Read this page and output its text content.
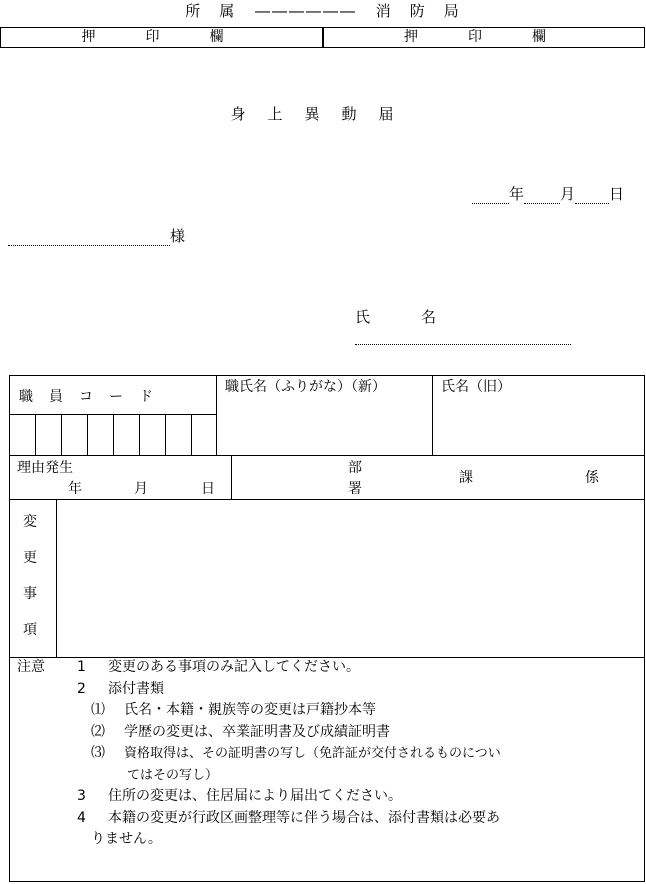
所　属 ―――――― 消　防　局
押　印　欄	押　印　欄
身上異動届
年 月 日
様
氏　名
職　員　コ　ー　ド
職氏名（ふりがな）（新）	氏名（旧）
理由発生
年	月	日
部
署
課	係
変
更
事
項
注意 1 変更のある事項のみ記入してください。
2 添付書類
⑴ 氏名・本籍・親族等の変更は戸籍抄本等
⑵ 学歴の変更は、卒業証明書及び成績証明書
⑶ 資格取得は、その証明書の写し（免許証が交付されるものについ
てはその写し）
3 住所の変更は、住居届により届出てください。
4 本籍の変更が行政区画整理等に伴う場合は、添付書類は必要あ
りません。
